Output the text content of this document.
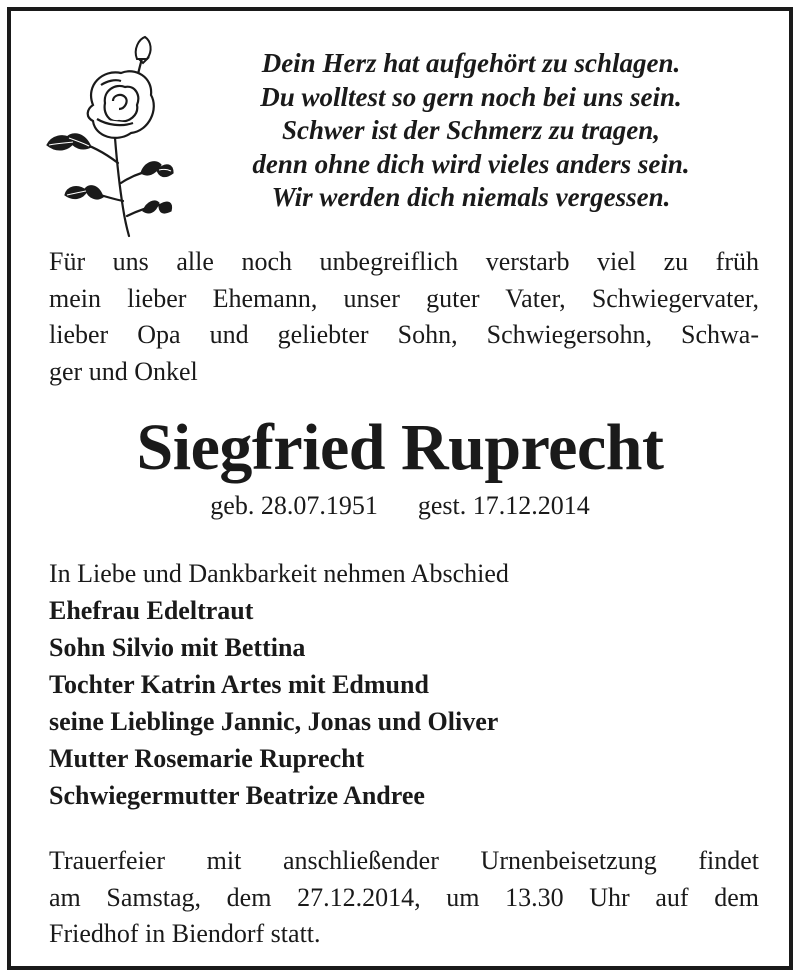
Dein Herz hat aufgehört zu schlagen.
Du wolltest so gern noch bei uns sein.
Schwer ist der Schmerz zu tragen,
denn ohne dich wird vieles anders sein.
Wir werden dich niemals vergessen.
Für uns alle noch unbegreiflich verstarb viel zu früh
mein lieber Ehemann, unser guter Vater, Schwiegervater,
lieber Opa und geliebter Sohn, Schwiegersohn, Schwa-
ger und Onkel
Siegfried Ruprecht
geb. 28.07.1951 gest. 17.12.2014
In Liebe und Dankbarkeit nehmen Abschied
Ehefrau Edeltraut
Sohn Silvio mit Bettina
Tochter Katrin Artes mit Edmund
seine Lieblinge Jannic, Jonas und Oliver
Mutter Rosemarie Ruprecht
Schwiegermutter Beatrize Andree
Trauerfeier mit anschließender Urnenbeisetzung findet
am Samstag, dem 27.12.2014, um 13.30 Uhr auf dem
Friedhof in Biendorf statt.
